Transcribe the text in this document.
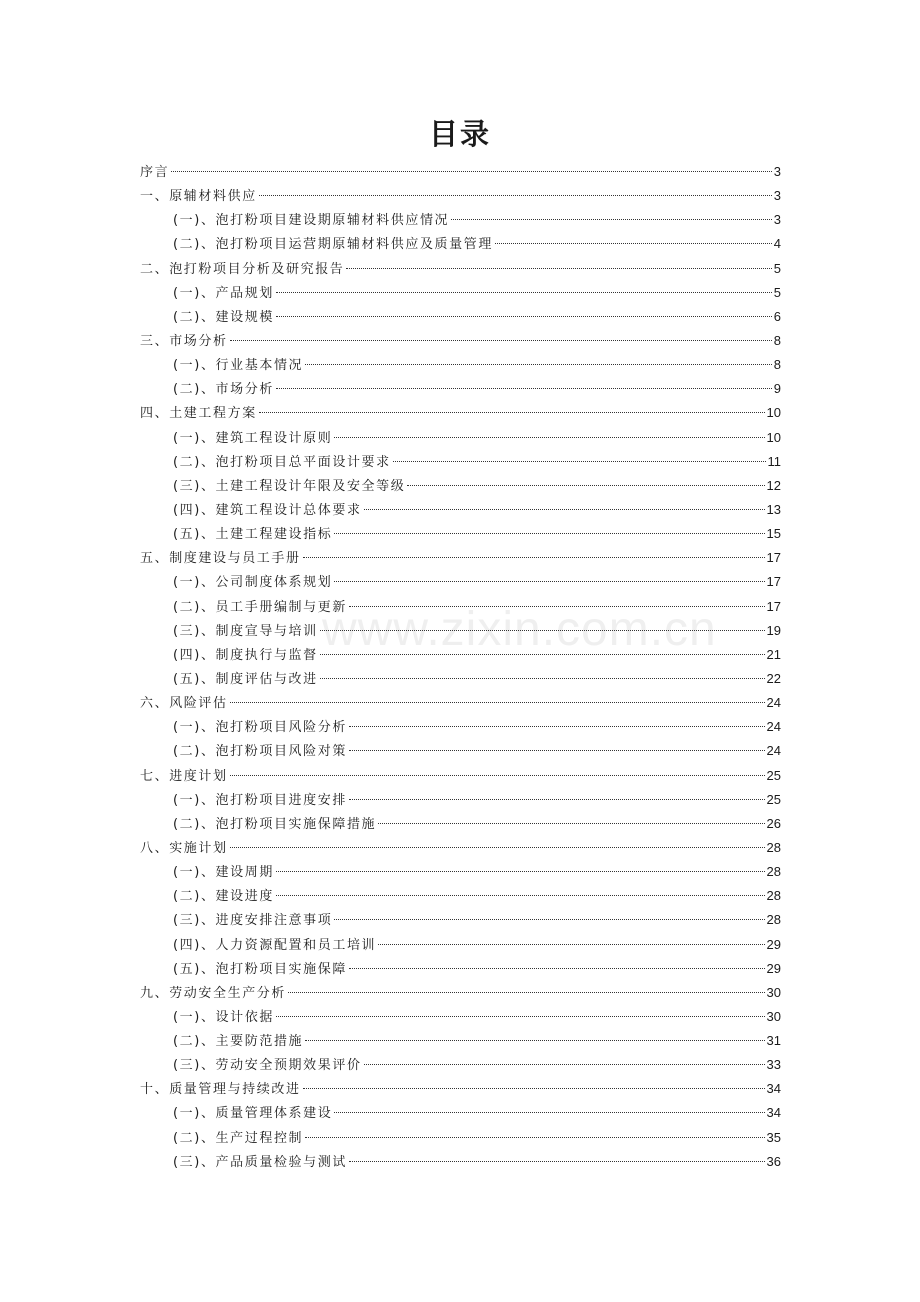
目录
www.zixin.com.cn
序言	3
一、原辅材料供应	3
(一)、泡打粉项目建设期原辅材料供应情况	3
(二)、泡打粉项目运营期原辅材料供应及质量管理	4
二、泡打粉项目分析及研究报告	5
(一)、产品规划	5
(二)、建设规模	6
三、市场分析	8
(一)、行业基本情况	8
(二)、市场分析	9
四、土建工程方案	10
(一)、建筑工程设计原则	10
(二)、泡打粉项目总平面设计要求	11
(三)、土建工程设计年限及安全等级	12
(四)、建筑工程设计总体要求	13
(五)、土建工程建设指标	15
五、制度建设与员工手册	17
(一)、公司制度体系规划	17
(二)、员工手册编制与更新	17
(三)、制度宣导与培训	19
(四)、制度执行与监督	21
(五)、制度评估与改进	22
六、风险评估	24
(一)、泡打粉项目风险分析	24
(二)、泡打粉项目风险对策	24
七、进度计划	25
(一)、泡打粉项目进度安排	25
(二)、泡打粉项目实施保障措施	26
八、实施计划	28
(一)、建设周期	28
(二)、建设进度	28
(三)、进度安排注意事项	28
(四)、人力资源配置和员工培训	29
(五)、泡打粉项目实施保障	29
九、劳动安全生产分析	30
(一)、设计依据	30
(二)、主要防范措施	31
(三)、劳动安全预期效果评价	33
十、质量管理与持续改进	34
(一)、质量管理体系建设	34
(二)、生产过程控制	35
(三)、产品质量检验与测试	36
